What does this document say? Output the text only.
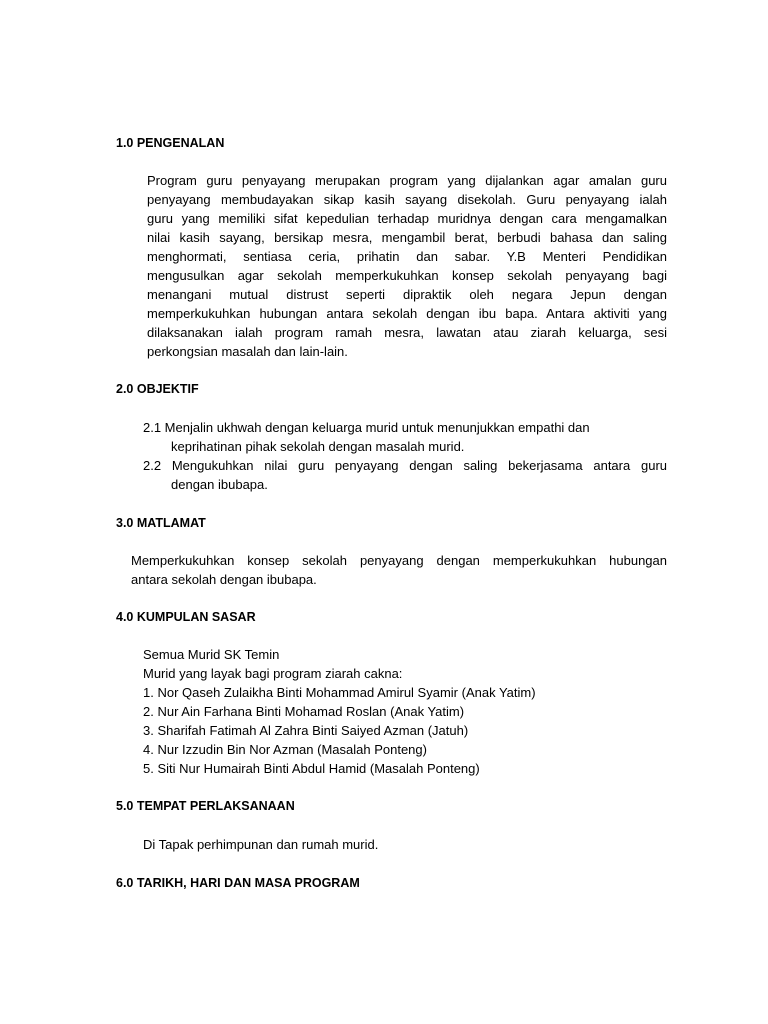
1.0 PENGENALAN
Program guru penyayang merupakan program yang dijalankan agar amalan guru
penyayang membudayakan sikap kasih sayang disekolah. Guru penyayang ialah
guru yang memiliki sifat kepedulian terhadap muridnya dengan cara mengamalkan
nilai kasih sayang, bersikap mesra, mengambil berat, berbudi bahasa dan saling
menghormati, sentiasa ceria, prihatin dan sabar. Y.B Menteri Pendidikan
mengusulkan agar sekolah memperkukuhkan konsep sekolah penyayang bagi
menangani mutual distrust seperti dipraktik oleh negara Jepun dengan
memperkukuhkan hubungan antara sekolah dengan ibu bapa. Antara aktiviti yang
dilaksanakan ialah program ramah mesra, lawatan atau ziarah keluarga, sesi
perkongsian masalah dan lain-lain.
2.0 OBJEKTIF
2.1 Menjalin ukhwah dengan keluarga murid untuk menunjukkan empathi dan
keprihatinan pihak sekolah dengan masalah murid.
2.2 Mengukuhkan nilai guru penyayang dengan saling bekerjasama antara guru
dengan ibubapa.
3.0 MATLAMAT
Memperkukuhkan konsep sekolah penyayang dengan memperkukuhkan hubungan
antara sekolah dengan ibubapa.
4.0 KUMPULAN SASAR
Semua Murid SK Temin
Murid yang layak bagi program ziarah cakna:
1. Nor Qaseh Zulaikha Binti Mohammad Amirul Syamir (Anak Yatim)
2. Nur Ain Farhana Binti Mohamad Roslan (Anak Yatim)
3. Sharifah Fatimah Al Zahra Binti Saiyed Azman (Jatuh)
4. Nur Izzudin Bin Nor Azman (Masalah Ponteng)
5. Siti Nur Humairah Binti Abdul Hamid (Masalah Ponteng)
5.0 TEMPAT PERLAKSANAAN
Di Tapak perhimpunan dan rumah murid.
6.0 TARIKH, HARI DAN MASA PROGRAM
